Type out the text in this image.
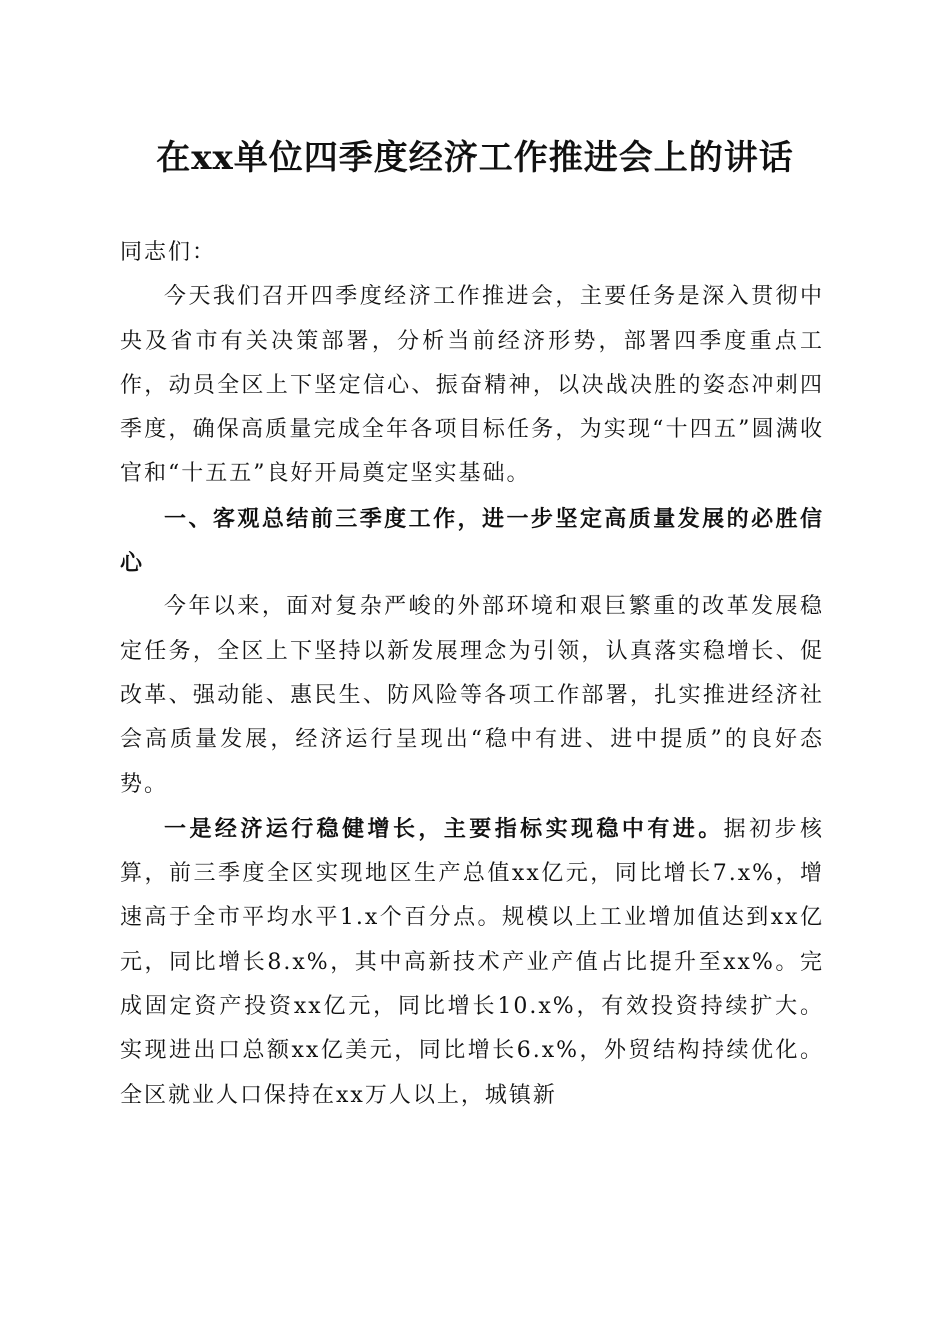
在xx单位四季度经济工作推进会上的讲话

同志们：

今天我们召开四季度经济工作推进会，主要任务是深入贯彻中央及省市有关决策部署，分析当前经济形势，部署四季度重点工作，动员全区上下坚定信心、振奋精神，以决战决胜的姿态冲刺四季度，确保高质量完成全年各项目标任务，为实现“十四五”圆满收官和“十五五”良好开局奠定坚实基础。

一、客观总结前三季度工作，进一步坚定高质量发展的必胜信心

今年以来，面对复杂严峻的外部环境和艰巨繁重的改革发展稳定任务，全区上下坚持以新发展理念为引领，认真落实稳增长、促改革、强动能、惠民生、防风险等各项工作部署，扎实推进经济社会高质量发展，经济运行呈现出“稳中有进、进中提质”的良好态势。

一是经济运行稳健增长，主要指标实现稳中有进。据初步核算，前三季度全区实现地区生产总值xx亿元，同比增长7.x%，增速高于全市平均水平1.x个百分点。规模以上工业增加值达到xx亿元，同比增长8.x%，其中高新技术产业产值占比提升至xx%。完成固定资产投资xx亿元，同比增长10.x%，有效投资持续扩大。实现进出口总额xx亿美元，同比增长6.x%，外贸结构持续优化。全区就业人口保持在xx万人以上，城镇新
